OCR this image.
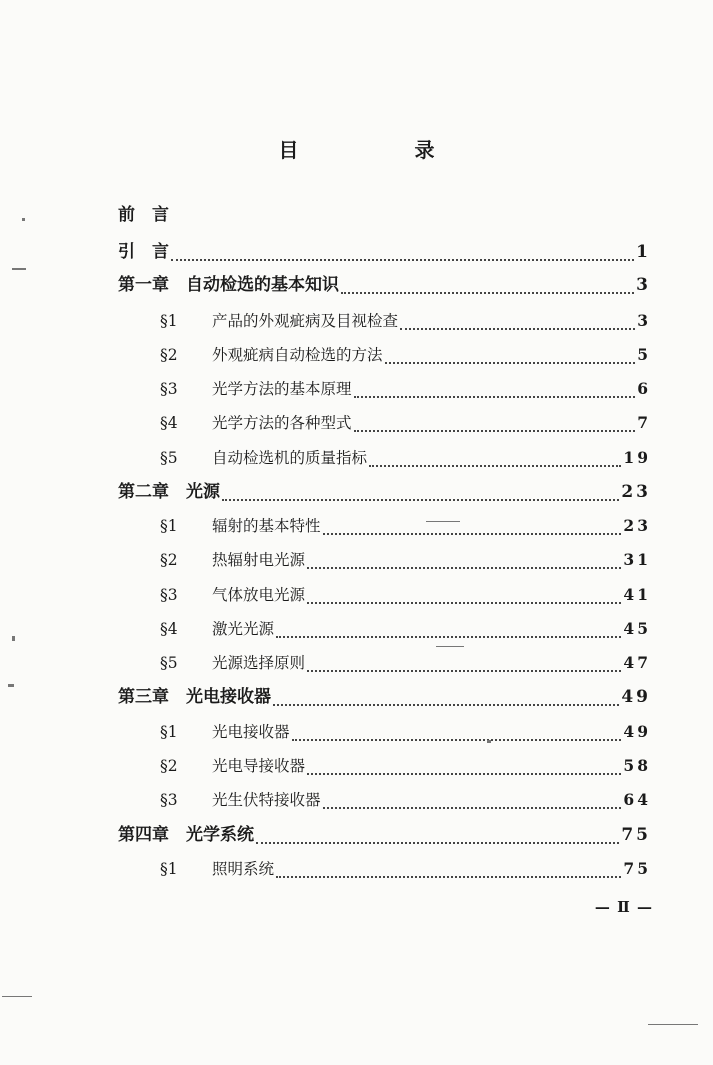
目　录
前　言
引　言	1
第一章　自动检选的基本知识	3
§1 产品的外观疵病及目视检查	3
§2 外观疵病自动检选的方法	5
§3 光学方法的基本原理	6
§4 光学方法的各种型式	7
§5 自动检选机的质量指标	19
第二章　光源	23
§1 辐射的基本特性	23
§2 热辐射电光源	31
§3 气体放电光源	41
§4 激光光源	45
§5 光源选择原则	47
第三章　光电接收器	49
§1 光电接收器	49
§2 光电导接收器	58
§3 光生伏特接收器	64
第四章　光学系统	75
§1 照明系统	75
— Ⅱ —
